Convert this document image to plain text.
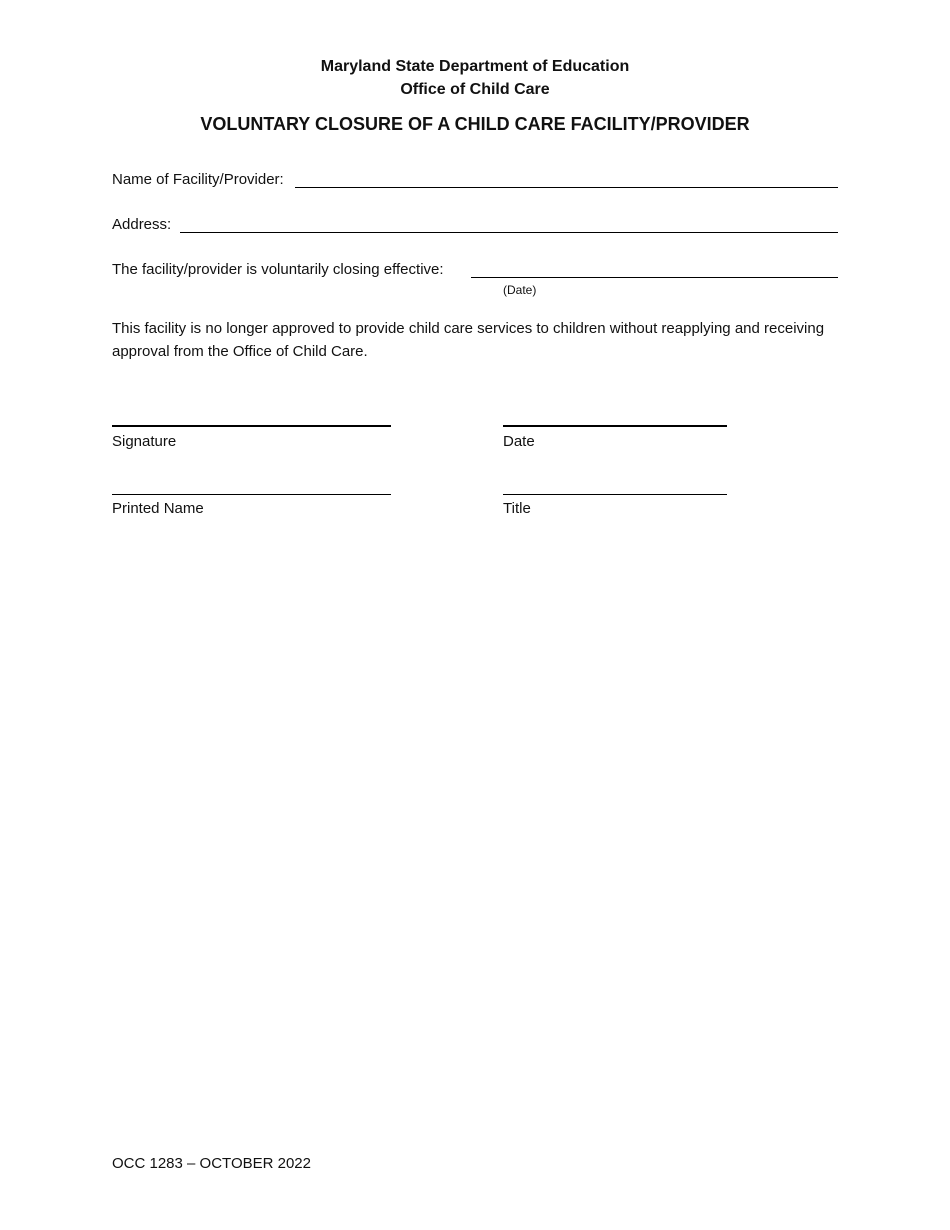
Maryland State Department of Education
Office of Child Care
VOLUNTARY CLOSURE OF A CHILD CARE FACILITY/PROVIDER
Name of Facility/Provider:
Address:
The facility/provider is voluntarily closing effective:
(Date)
This facility is no longer approved to provide child care services to children without reapplying and receiving approval from the Office of Child Care.
Signature	Date
Printed Name	Title
OCC 1283 – OCTOBER 2022
